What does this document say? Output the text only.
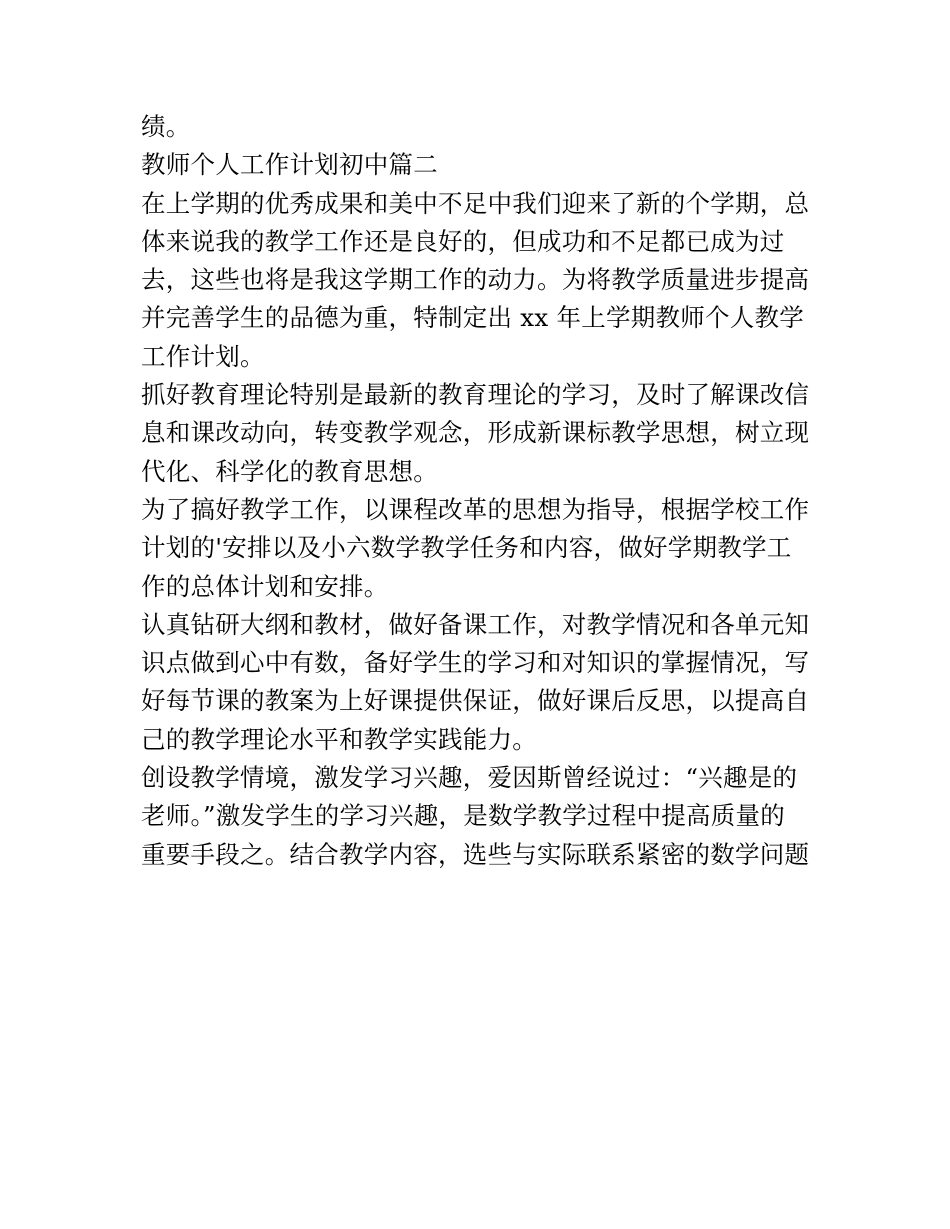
绩。
教师个人工作计划初中篇二
在上学期的优秀成果和美中不足中我们迎来了新的个学期，总
体来说我的教学工作还是良好的，但成功和不足都已成为过
去，这些也将是我这学期工作的动力。为将教学质量进步提高
并完善学生的品德为重，特制定出 xx 年上学期教师个人教学
工作计划。
抓好教育理论特别是最新的教育理论的学习，及时了解课改信
息和课改动向，转变教学观念，形成新课标教学思想，树立现
代化、科学化的教育思想。
为了搞好教学工作，以课程改革的思想为指导，根据学校工作
计划的'安排以及小六数学教学任务和内容，做好学期教学工
作的总体计划和安排。
认真钻研大纲和教材，做好备课工作，对教学情况和各单元知
识点做到心中有数，备好学生的学习和对知识的掌握情况，写
好每节课的教案为上好课提供保证，做好课后反思，以提高自
己的教学理论水平和教学实践能力。
创设教学情境，激发学习兴趣，爱因斯曾经说过：“兴趣是的
老师。”激发学生的学习兴趣，是数学教学过程中提高质量的
重要手段之。结合教学内容，选些与实际联系紧密的数学问题
